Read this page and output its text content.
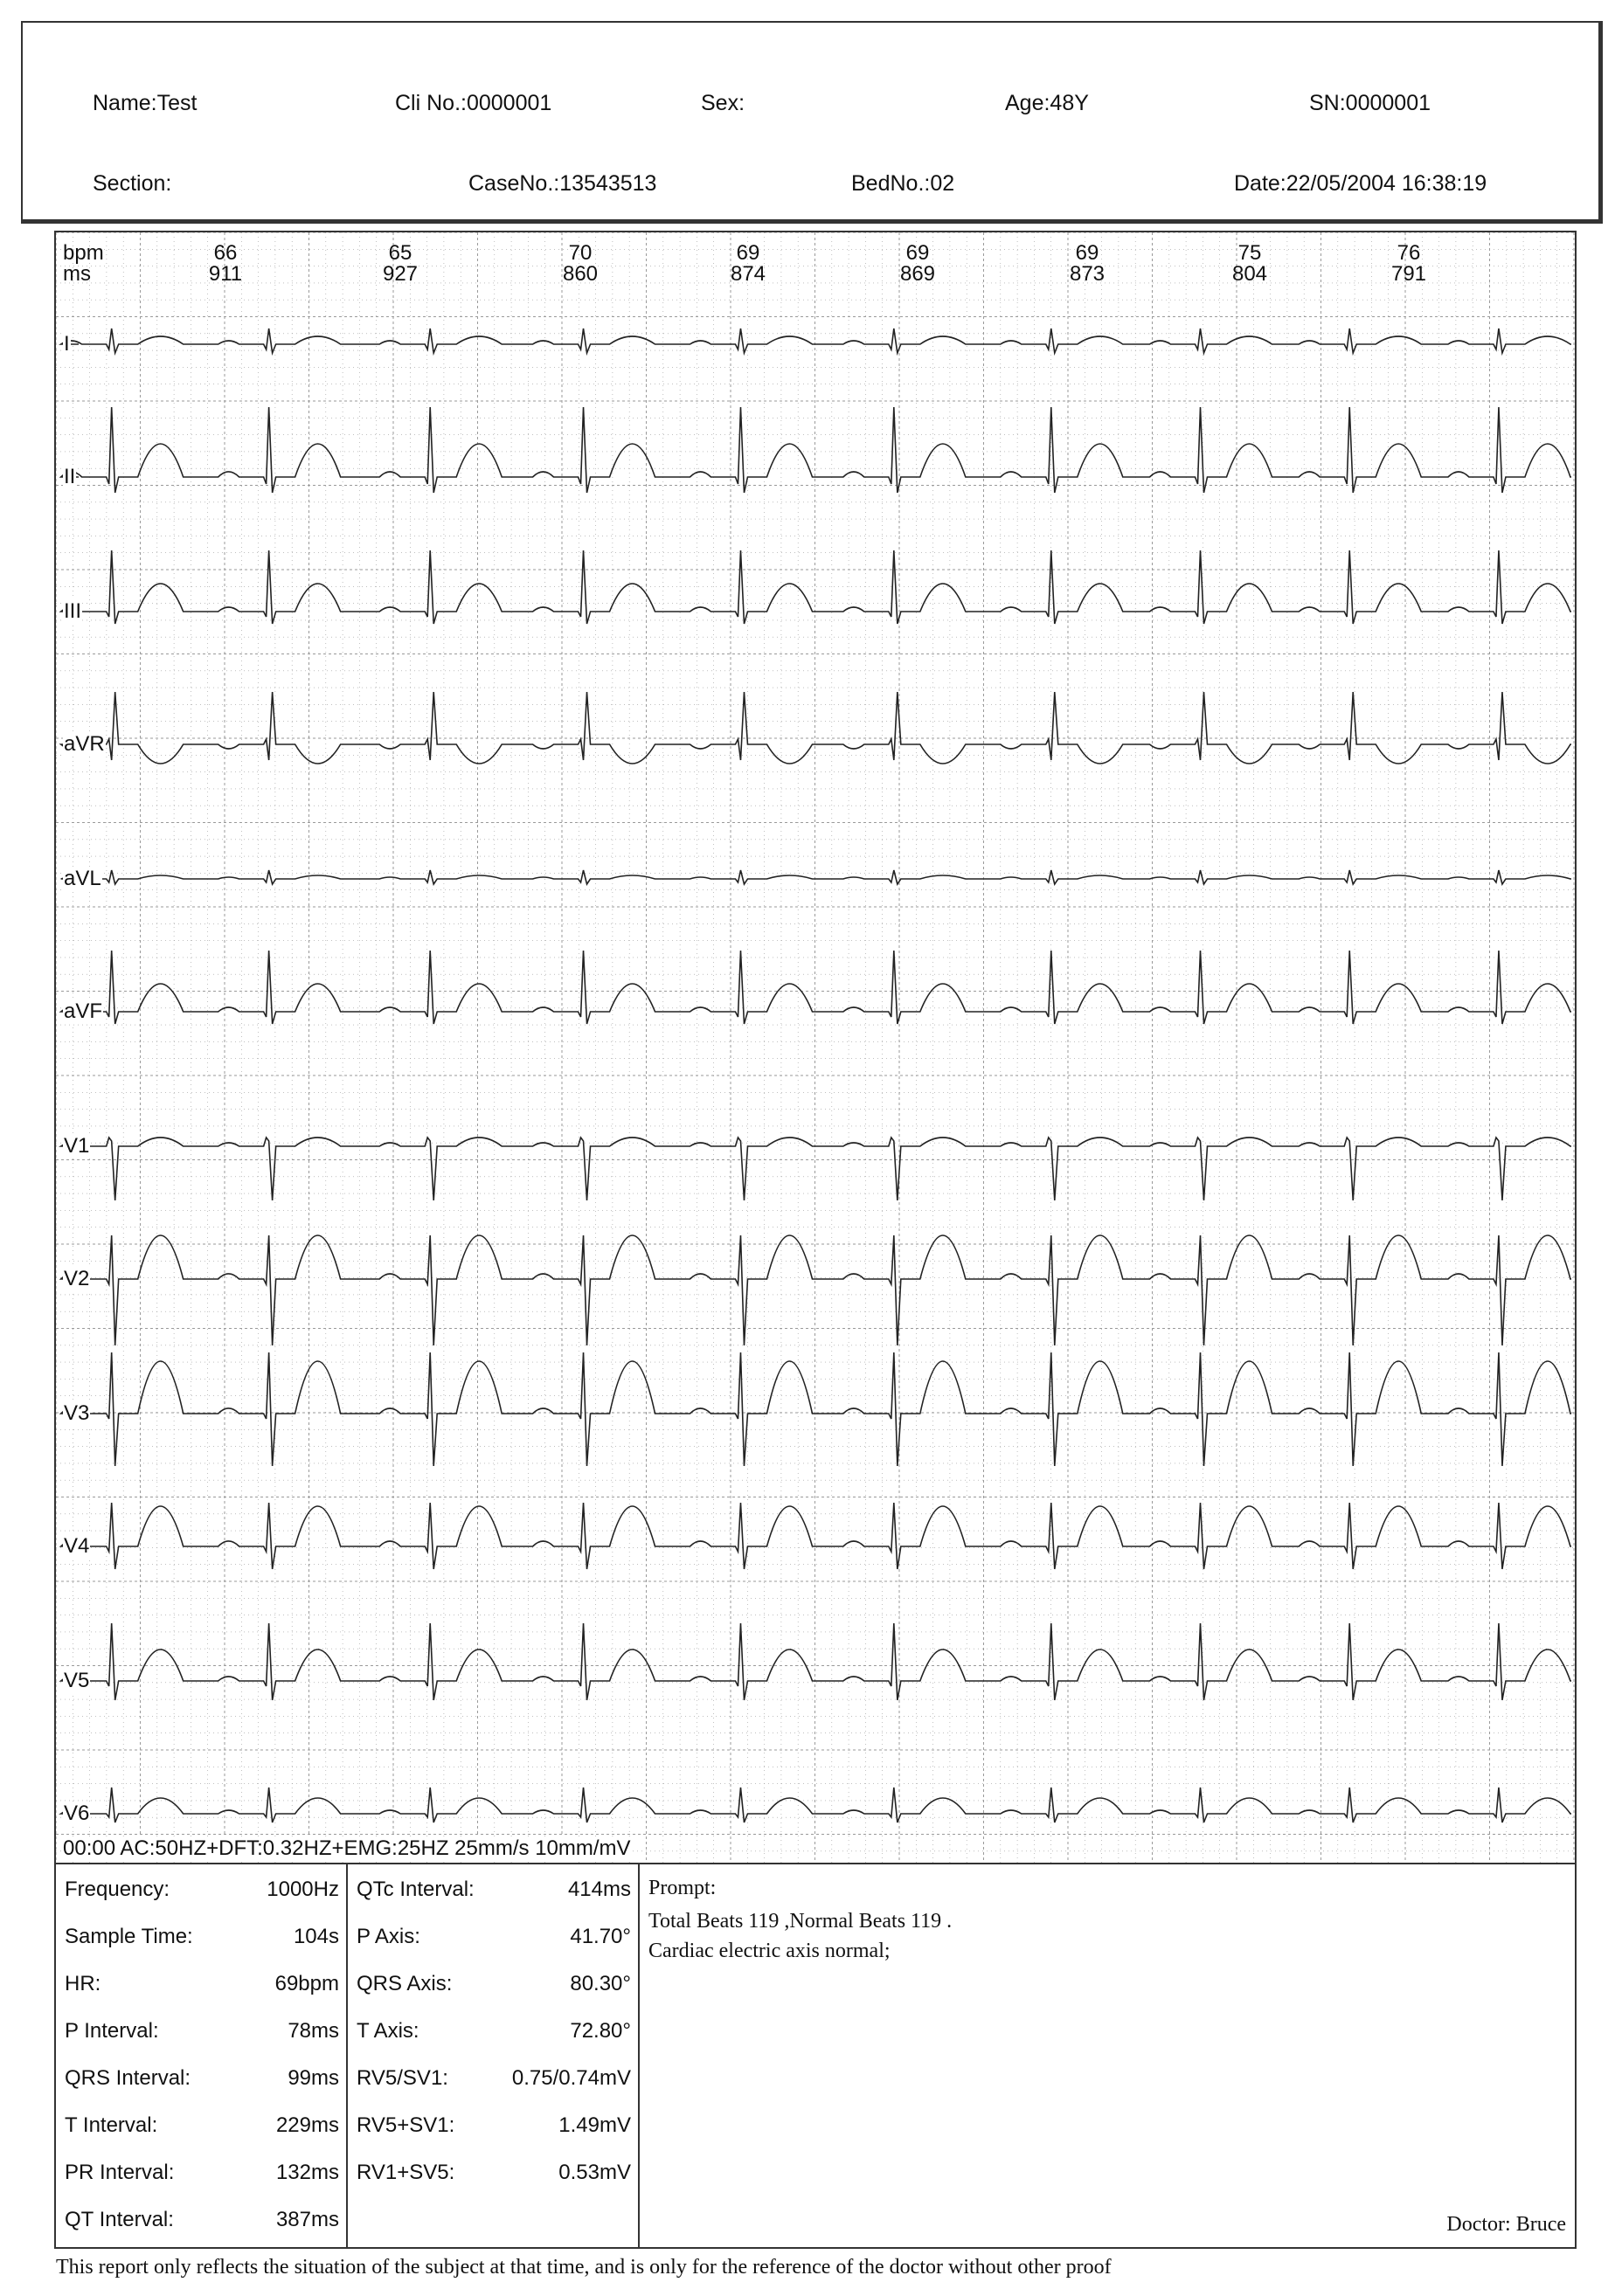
Name:Test	Cli No.:0000001	Sex:	Age:48Y	SN:0000001
Section:	CaseNo.:13543513	BedNo.:02	Date:22/05/2004 16:38:19
bpm
ms
66	65	70	69	69	69	75	76
911	927	860	874	869	873	804	791
I
II
III
aVR
aVL
aVF
V1
V2
V3
V4
V5
V6
00:00 AC:50HZ+DFT:0.32HZ+EMG:25HZ 25mm/s 10mm/mV
Frequency:	1000Hz
Sample Time:	104s
HR:	69bpm
P Interval:	78ms
QRS Interval:	99ms
T Interval:	229ms
PR Interval:	132ms
QT Interval:	387ms
QTc Interval:	414ms
P Axis:	41.70°
QRS Axis:	80.30°
T Axis:	72.80°
RV5/SV1:	0.75/0.74mV
RV5+SV1:	1.49mV
RV1+SV5:	0.53mV
Prompt:
Total Beats 119 ,Normal Beats 119 .
Cardiac electric axis normal;
Doctor: Bruce
This report only reflects the situation of the subject at that time, and is only for the reference of the doctor without other proof
